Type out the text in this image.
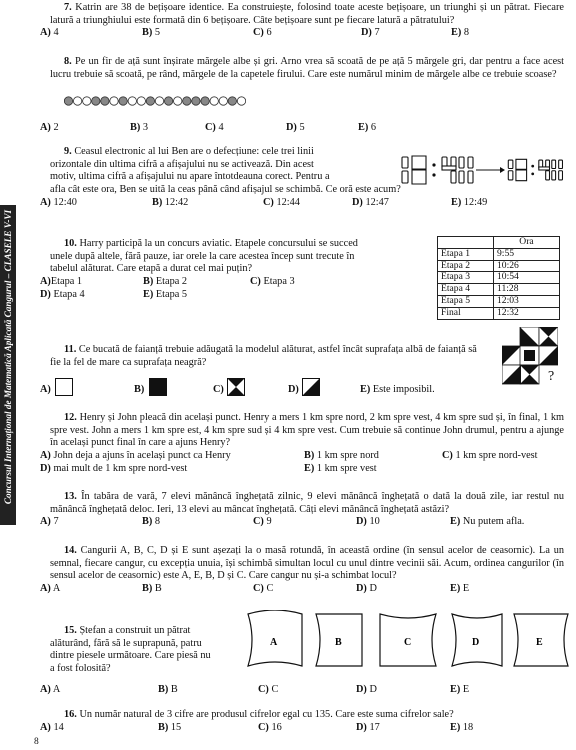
Concursul Internațional de Matematică Aplicată Cangurul – CLASELE V-VI

7. Katrin are 38 de bețișoare identice. Ea construiește, folosind toate aceste bețișoare, un triunghi și un pătrat. Fiecare latură a triunghiului este formată din 6 bețișoare. Câte bețișoare sunt pe fiecare latură a pătratului?

A) 4	B) 5	C) 6	D) 7	E) 8

8. Pe un fir de ață sunt înșirate mărgele albe și gri. Arno vrea să scoată de pe ață 5 mărgele gri, dar pentru a face acest lucru trebuie să scoată, pe rând, mărgele de la capetele firului. Care este numărul minim de mărgele albe ce trebuie scoase?

A) 2	B) 3	C) 4	D) 5	E) 6

9. Ceasul electronic al lui Ben are o defecțiune: cele trei linii

orizontale din ultima cifră a afișajului nu se activează. Din acest

motiv, ultima cifră a afișajului nu apare întotdeauna corect. Pentru a

afla cât este ora, Ben se uită la ceas până când afișajul se schimbă. Ce oră este acum?

A) 12:40	B) 12:42	C) 12:44	D) 12:47	E) 12:49

10. Harry participă la un concurs aviatic. Etapele concursului se succed

unele după altele, fără pauze, iar orele la care acestea încep sunt trecute în

tabelul alăturat. Care etapă a durat cel mai puțin?

A)Etapa 1	B) Etapa 2	C) Etapa 3
D) Etapa 4	E) Etapa 5
	Ora
Etapa 1	9:55
Etapa 2	10:26
Etapa 3	10:54
Etapa 4	11:28
Etapa 5	12:03
Final	12:32

11. Ce bucată de faianță trebuie adăugată la modelul alăturat, astfel încât suprafața albă de faianță să fie la fel de mare ca suprafața neagră?

?
A)	B)	C)	D)	E) Este imposibil.

12. Henry și John pleacă din același punct. Henry a mers 1 km spre nord, 2 km spre vest, 4 km spre sud și, în final, 1 km spre vest. John a mers 1 km spre est, 4 km spre sud și 4 km spre vest. Cum trebuie să continue John drumul, pentru a ajunge în același punct final în care a ajuns Henry?

A) John deja a ajuns în același punct ca Henry	B) 1 km spre nord	C) 1 km spre nord-vest
D) mai mult de 1 km spre nord-vest	E) 1 km spre vest

13. În tabăra de vară, 7 elevi mănâncă înghețată zilnic, 9 elevi mănâncă înghețată o dată la două zile, iar restul nu mănâncă înghețată deloc. Ieri, 13 elevi au mâncat înghețată. Câți elevi mănâncă înghețată astăzi?

A) 7	B) 8	C) 9	D) 10	E) Nu putem afla.

14. Cangurii A, B, C, D și E sunt așezați la o masă rotundă, în această ordine (în sensul acelor de ceasornic). La un semnal, fiecare cangur, cu excepția unuia, își schimbă simultan locul cu unul dintre vecinii săi. Acum, ordinea cangurilor (în sensul acelor de ceasornic) este A, E, B, D și C. Care cangur nu și-a schimbat locul?

A) A	B) B	C) C	D) D	E) E

15. Ștefan a construit un pătrat

alăturând, fără să le suprapună, patru

dintre piesele următoare. Care piesă nu

a fost folosită?

A	B	C	D	E
A) A	B) B	C) C	D) D	E) E

16. Un număr natural de 3 cifre are produsul cifrelor egal cu 135. Care este suma cifrelor sale?

A) 14	B) 15	C) 16	D) 17	E) 18
8
